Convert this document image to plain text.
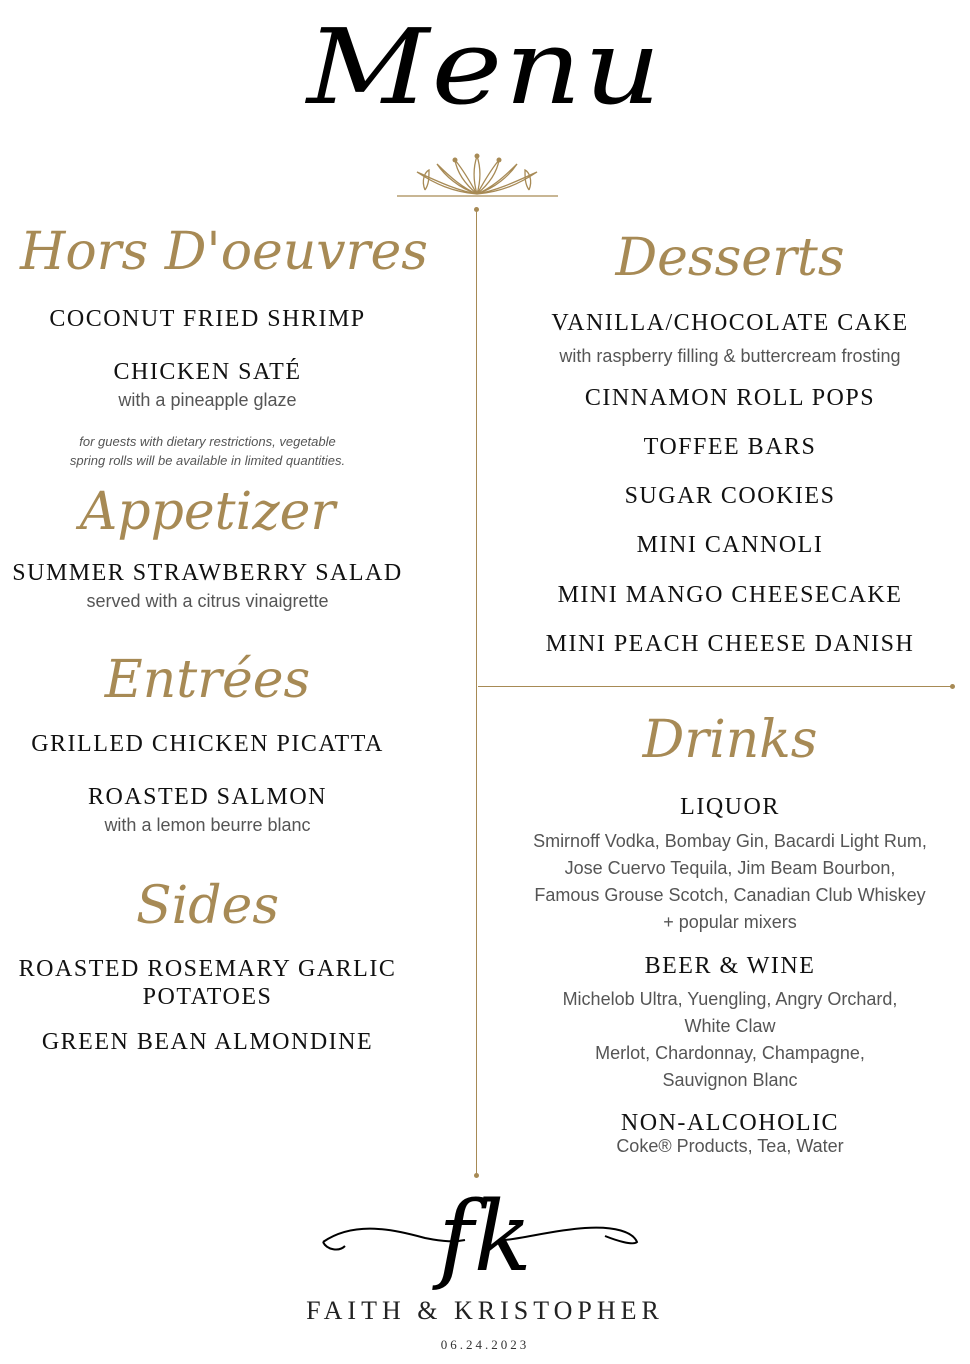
Menu
Hors D'oeuvres
COCONUT FRIED SHRIMP
CHICKEN SATÉ
with a pineapple glaze
for guests with dietary restrictions, vegetable
spring rolls will be available in limited quantities.
Appetizer
SUMMER STRAWBERRY SALAD
served with a citrus vinaigrette
Entrées
GRILLED CHICKEN PICATTA
ROASTED SALMON
with a lemon beurre blanc
Sides
ROASTED ROSEMARY GARLIC
POTATOES
GREEN BEAN ALMONDINE
Desserts
VANILLA/CHOCOLATE CAKE
with raspberry filling & buttercream frosting
CINNAMON ROLL POPS
TOFFEE BARS
SUGAR COOKIES
MINI CANNOLI
MINI MANGO CHEESECAKE
MINI PEACH CHEESE DANISH
Drinks
LIQUOR
Smirnoff Vodka, Bombay Gin, Bacardi Light Rum,
Jose Cuervo Tequila, Jim Beam Bourbon,
Famous Grouse Scotch, Canadian Club Whiskey
+ popular mixers
BEER & WINE
Michelob Ultra, Yuengling, Angry Orchard,
White Claw
Merlot, Chardonnay, Champagne,
Sauvignon Blanc
NON-ALCOHOLIC
Coke® Products, Tea, Water
fk
FAITH & KRISTOPHER
06.24.2023
